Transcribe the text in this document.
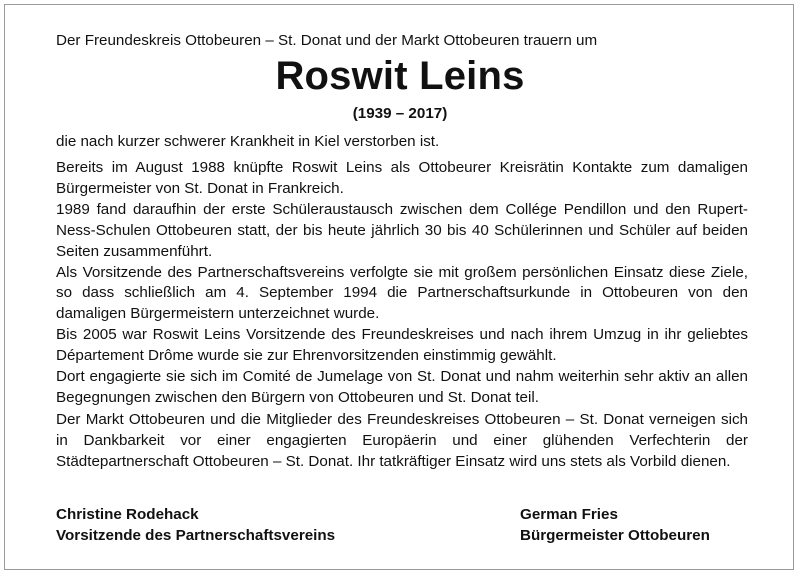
Der Freundeskreis Ottobeuren – St. Donat und der Markt Ottobeuren trauern um
Roswit Leins
(1939 – 2017)
die nach kurzer schwerer Krankheit in Kiel verstorben ist.

Bereits im August 1988 knüpfte Roswit Leins als Ottobeurer Kreisrätin Kontakte zum damaligen Bürgermeister von St. Donat in Frankreich.

1989 fand daraufhin der erste Schüleraustausch zwischen dem Collége Pendillon und den Rupert-Ness-Schulen Ottobeuren statt, der bis heute jährlich 30 bis 40 Schülerinnen und Schüler auf beiden Seiten zusammenführt.

Als Vorsitzende des Partnerschaftsvereins verfolgte sie mit großem persönlichen Einsatz diese Ziele, so dass schließlich am 4. September 1994 die Partnerschaftsurkunde in Ottobeuren von den damaligen Bürgermeistern unterzeichnet wurde.

Bis 2005 war Roswit Leins Vorsitzende des Freundeskreises und nach ihrem Umzug in ihr geliebtes Département Drôme wurde sie zur Ehrenvorsitzenden einstimmig gewählt.

Dort engagierte sie sich im Comité de Jumelage von St. Donat und nahm weiterhin sehr aktiv an allen Begegnungen zwischen den Bürgern von Ottobeuren und St. Donat teil.

Der Markt Ottobeuren und die Mitglieder des Freundeskreises Ottobeuren – St. Donat verneigen sich in Dankbarkeit vor einer engagierten Europäerin und einer glühenden Verfechterin der Städtepartnerschaft Ottobeuren – St. Donat. Ihr tatkräftiger Einsatz wird uns stets als Vorbild dienen.
Christine Rodehack
Vorsitzende des Partnerschaftsvereins
German Fries
Bürgermeister Ottobeuren
